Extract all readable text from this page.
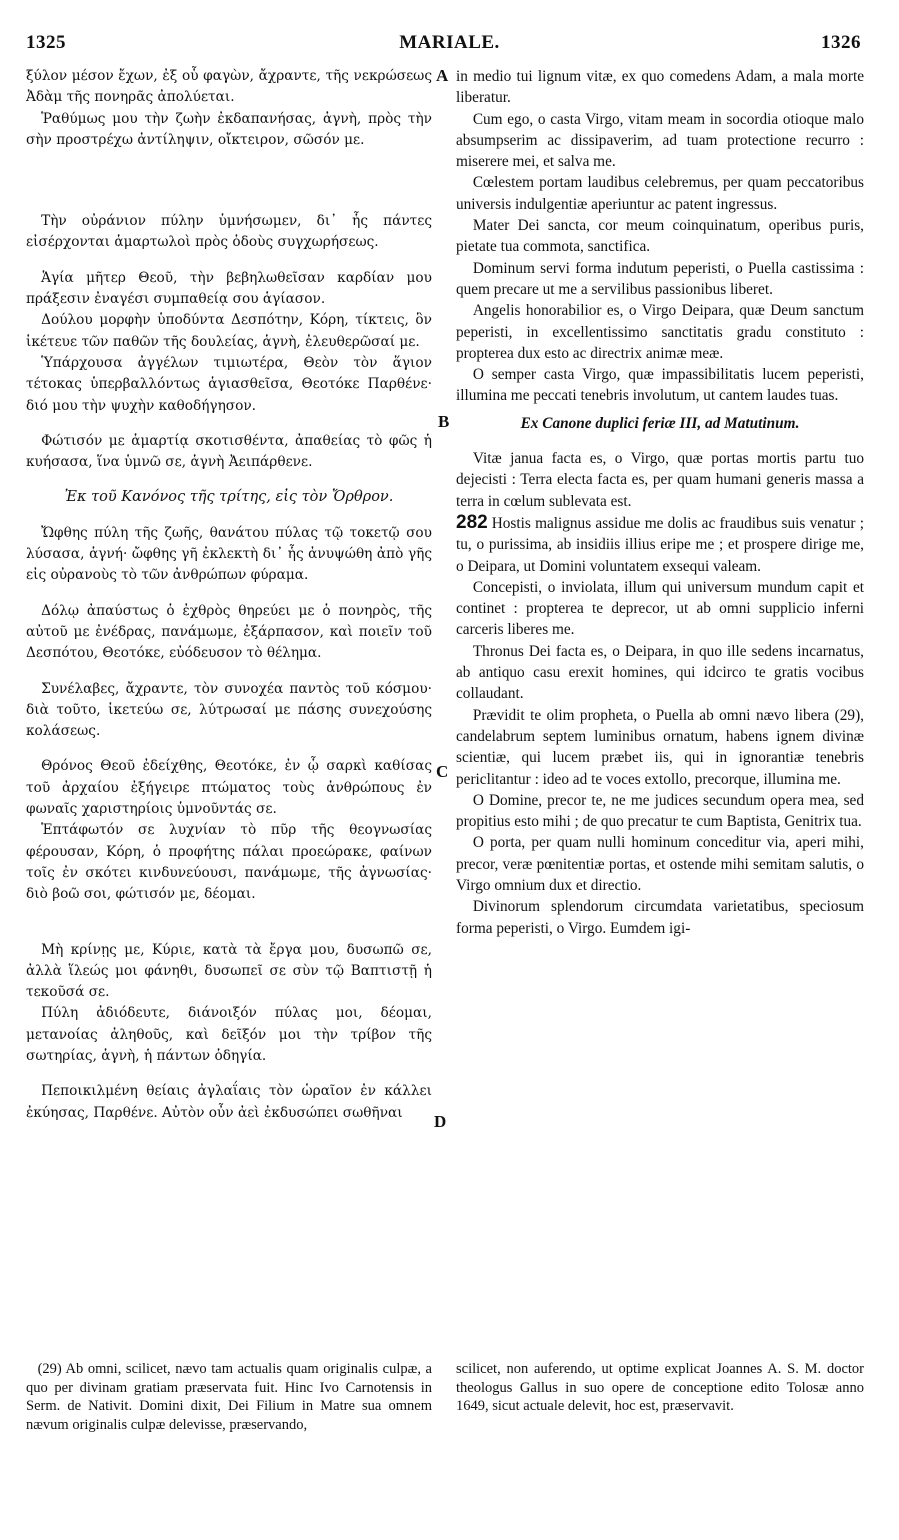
MARIALE.
1325	1326
A
B
C
D

ξύλον μέσον ἔχων, ἐξ οὗ φαγὼν, ἄχραντε, τῆς νεκρώσεως Ἀδὰμ τῆς πονηρᾶς ἀπολύεται.

Ῥαθύμως μου τὴν ζωὴν ἐκδαπανήσας, ἁγνὴ, πρὸς τὴν σὴν προστρέχω ἀντίληψιν, οἴκτειρον, σῶσόν με.

Τὴν οὐράνιον πύλην ὑμνήσωμεν, δι᾿ ἧς πάντες εἰσέρχονται ἁμαρτωλοὶ πρὸς ὁδοὺς συγχωρήσεως.

Ἁγία μῆτερ Θεοῦ, τὴν βεβηλωθεῖσαν καρδίαν μου πράξεσιν ἐναγέσι συμπαθείᾳ σου ἁγίασον.

Δούλου μορφὴν ὑποδύντα Δεσπότην, Κόρη, τίκτεις, ὃν ἱκέτευε τῶν παθῶν τῆς δουλείας, ἁγνὴ, ἐλευθερῶσαί με.

Ὑπάρχουσα ἀγγέλων τιμιωτέρα, Θεὸν τὸν ἅγιον τέτοκας ὑπερβαλλόντως ἁγιασθεῖσα, Θεοτόκε Παρθένε· διό μου τὴν ψυχὴν καθοδήγησον.

Φώτισόν με ἁμαρτίᾳ σκοτισθέντα, ἀπαθείας τὸ φῶς ἡ κυήσασα, ἵνα ὑμνῶ σε, ἁγνὴ Ἀειπάρθενε.

Ἐκ τοῦ Κανόνος τῆς τρίτης, εἰς τὸν Ὄρθρον.

Ὤφθης πύλη τῆς ζωῆς, θανάτου πύλας τῷ τοκετῷ σου λύσασα, ἁγνή· ὤφθης γῆ ἐκλεκτὴ δι᾿ ἧς ἀνυψώθη ἀπὸ γῆς εἰς οὐρανοὺς τὸ τῶν ἀνθρώπων φύραμα.

Δόλῳ ἀπαύστως ὁ ἐχθρὸς θηρεύει με ὁ πονηρὸς, τῆς αὐτοῦ με ἐνέδρας, πανάμωμε, ἐξάρπασον, καὶ ποιεῖν τοῦ Δεσπότου, Θεοτόκε, εὐόδευσον τὸ θέλημα.

Συνέλαβες, ἄχραντε, τὸν συνοχέα παντὸς τοῦ κόσμου· διὰ τοῦτο, ἱκετεύω σε, λύτρωσαί με πάσης συνεχούσης κολάσεως.

Θρόνος Θεοῦ ἐδείχθης, Θεοτόκε, ἐν ᾧ σαρκὶ καθίσας τοῦ ἀρχαίου ἐξήγειρε πτώματος τοὺς ἀνθρώπους ἐν φωναῖς χαριστηρίοις ὑμνοῦντάς σε.

Ἑπτάφωτόν σε λυχνίαν τὸ πῦρ τῆς θεογνωσίας φέρουσαν, Κόρη, ὁ προφήτης πάλαι προεώρακε, φαίνων τοῖς ἐν σκότει κινδυνεύουσι, πανάμωμε, τῆς ἀγνωσίας· διὸ βοῶ σοι, φώτισόν με, δέομαι.

Μὴ κρίνῃς με, Κύριε, κατὰ τὰ ἔργα μου, δυσωπῶ σε, ἀλλὰ ἵλεώς μοι φάνηθι, δυσωπεῖ σε σὺν τῷ Βαπτιστῇ ἡ τεκοῦσά σε.

Πύλη ἀδιόδευτε, διάνοιξόν πύλας μοι, δέομαι, μετανοίας ἀληθοῦς, καὶ δεῖξόν μοι τὴν τρίβον τῆς σωτηρίας, ἁγνὴ, ἡ πάντων ὁδηγία.

Πεποικιλμένη θείαις ἀγλαΐαις τὸν ὡραῖον ἐν κάλλει ἐκύησας, Παρθένε. Αὐτὸν οὖν ἀεὶ ἐκδυσώπει σωθῆναι

in medio tui lignum vitæ, ex quo comedens Adam, a mala morte liberatur.

Cum ego, o casta Virgo, vitam meam in socordia otioque malo absumpserim ac dissipaverim, ad tuam protectione recurro : miserere mei, et salva me.

Cœlestem portam laudibus celebremus, per quam peccatoribus universis indulgentiæ aperiuntur ac patent ingressus.

Mater Dei sancta, cor meum coinquinatum, operibus puris, pietate tua commota, sanctifica.

Dominum servi forma indutum peperisti, o Puella castissima : quem precare ut me a servilibus passionibus liberet.

Angelis honorabilior es, o Virgo Deipara, quæ Deum sanctum peperisti, in excellentissimo sanctitatis gradu constituto : propterea dux esto ac directrix animæ meæ.

O semper casta Virgo, quæ impassibilitatis lucem peperisti, illumina me peccati tenebris involutum, ut cantem laudes tuas.

Ex Canone duplici feriæ III, ad Matutinum.

Vitæ janua facta es, o Virgo, quæ portas mortis partu tuo dejecisti : Terra electa facta es, per quam humani generis massa a terra in cœlum sublevata est.

282 Hostis malignus assidue me dolis ac fraudibus suis venatur ; tu, o purissima, ab insidiis illius eripe me ; et prospere dirige me, o Deipara, ut Domini voluntatem exsequi valeam.

Concepisti, o inviolata, illum qui universum mundum capit et continet : propterea te deprecor, ut ab omni supplicio inferni carceris liberes me.

Thronus Dei facta es, o Deipara, in quo ille sedens incarnatus, ab antiquo casu erexit homines, qui idcirco te gratis vocibus collaudant.

Prævidit te olim propheta, o Puella ab omni nævo libera (29), candelabrum septem luminibus ornatum, habens ignem divinæ scientiæ, qui lucem præbet iis, qui in ignorantiæ tenebris periclitantur : ideo ad te voces extollo, precorque, illumina me.

O Domine, precor te, ne me judices secundum opera mea, sed propitius esto mihi ; de quo precatur te cum Baptista, Genitrix tua.

O porta, per quam nulli hominum conceditur via, aperi mihi, precor, veræ pœnitentiæ portas, et ostende mihi semitam salutis, o Virgo omnium dux et directio.

Divinorum splendorum circumdata varietatibus, speciosum forma peperisti, o Virgo. Eumdem igi-

(29) Ab omni, scilicet, nævo tam actualis quam originalis culpæ, a quo per divinam gratiam præservata fuit. Hinc Ivo Carnotensis in Serm. de Nativit. Domini dixit, Dei Filium in Matre sua omnem nævum originalis culpæ delevisse, præservando,

scilicet, non auferendo, ut optime explicat Joannes A. S. M. doctor theologus Gallus in suo opere de conceptione edito Tolosæ anno 1649, sicut actuale delevit, hoc est, præservavit.
